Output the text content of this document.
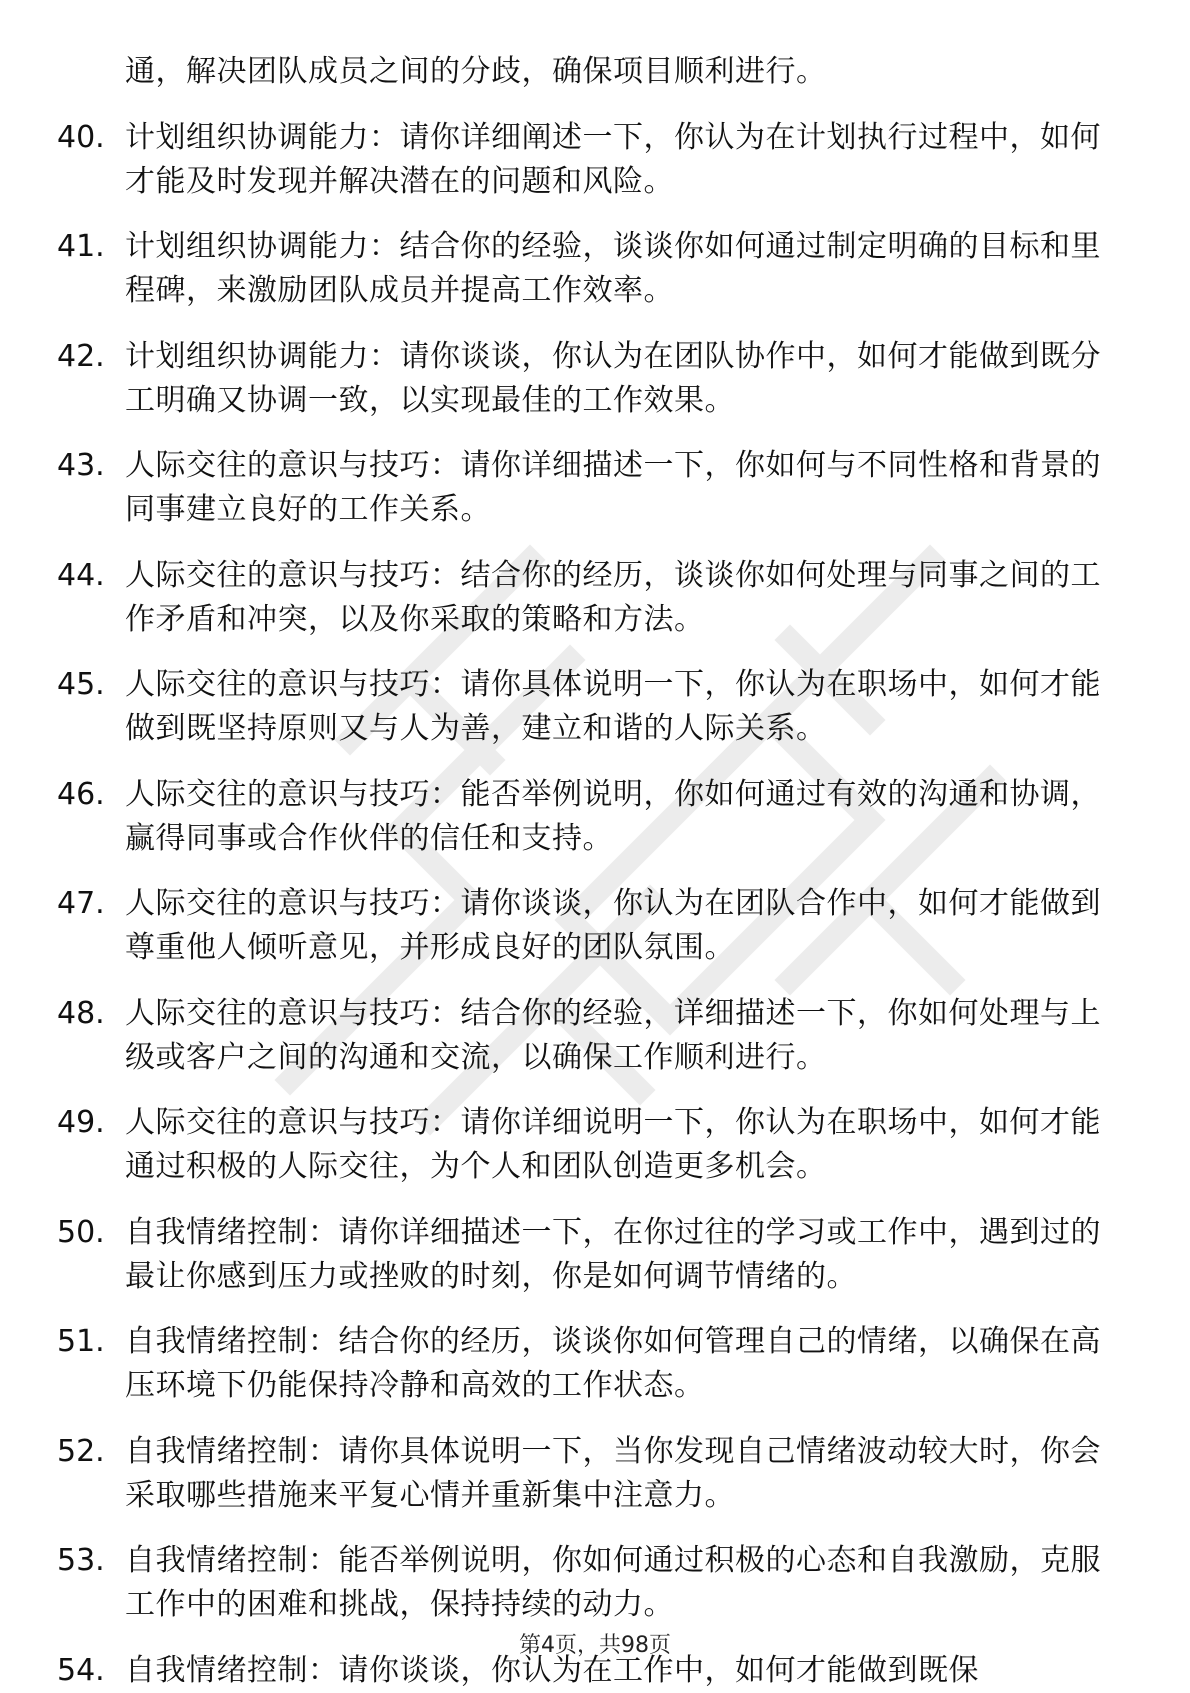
通，解决团队成员之间的分歧，确保项目顺利进行。

40. 计划组织协调能力：请你详细阐述一下，你认为在计划执行过程中，如何才能及时发现并解决潜在的问题和风险。
41. 计划组织协调能力：结合你的经验，谈谈你如何通过制定明确的目标和里程碑，来激励团队成员并提高工作效率。
42. 计划组织协调能力：请你谈谈，你认为在团队协作中，如何才能做到既分工明确又协调一致，以实现最佳的工作效果。
43. 人际交往的意识与技巧：请你详细描述一下，你如何与不同性格和背景的同事建立良好的工作关系。
44. 人际交往的意识与技巧：结合你的经历，谈谈你如何处理与同事之间的工作矛盾和冲突，以及你采取的策略和方法。
45. 人际交往的意识与技巧：请你具体说明一下，你认为在职场中，如何才能做到既坚持原则又与人为善，建立和谐的人际关系。
46. 人际交往的意识与技巧：能否举例说明，你如何通过有效的沟通和协调，赢得同事或合作伙伴的信任和支持。
47. 人际交往的意识与技巧：请你谈谈，你认为在团队合作中，如何才能做到尊重他人倾听意见，并形成良好的团队氛围。
48. 人际交往的意识与技巧：结合你的经验，详细描述一下，你如何处理与上级或客户之间的沟通和交流，以确保工作顺利进行。
49. 人际交往的意识与技巧：请你详细说明一下，你认为在职场中，如何才能通过积极的人际交往，为个人和团队创造更多机会。
50. 自我情绪控制：请你详细描述一下，在你过往的学习或工作中，遇到过的最让你感到压力或挫败的时刻，你是如何调节情绪的。
51. 自我情绪控制：结合你的经历，谈谈你如何管理自己的情绪，以确保在高压环境下仍能保持冷静和高效的工作状态。
52. 自我情绪控制：请你具体说明一下，当你发现自己情绪波动较大时，你会采取哪些措施来平复心情并重新集中注意力。
53. 自我情绪控制：能否举例说明，你如何通过积极的心态和自我激励，克服工作中的困难和挑战，保持持续的动力。
54. 自我情绪控制：请你谈谈，你认为在工作中，如何才能做到既保
第4页，共98页
